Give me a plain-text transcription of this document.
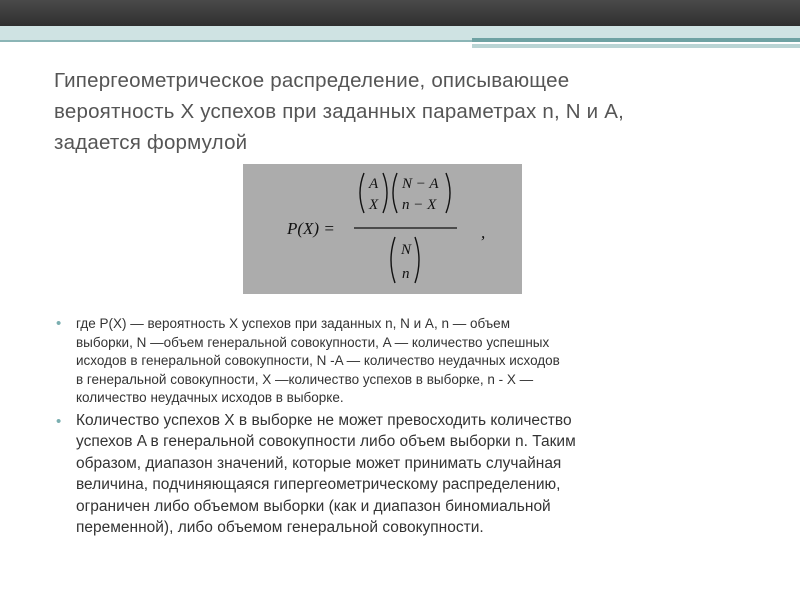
Гипергеометрическое распределение, описывающее
вероятность X успехов при заданных параметрах n, N и A,
задается формулой
P(X) =
A
X
N − A
n − X
N
n
,
• где P(X) — вероятность X успехов при заданных n, N и A, n — объем
выборки, N —объем генеральной совокупности, A — количество успешных
исходов в генеральной совокупности, N -A — количество неудачных исходов
в генеральной совокупности, X —количество успехов в выборке, n - X —
количество неудачных исходов в выборке.
• Количество успехов X в выборке не может превосходить количество
успехов A в генеральной совокупности либо объем выборки n. Таким
образом, диапазон значений, которые может принимать случайная
величина, подчиняющаяся гипергеометрическому распределению,
ограничен либо объемом выборки (как и диапазон биномиальной
переменной), либо объемом генеральной совокупности.
